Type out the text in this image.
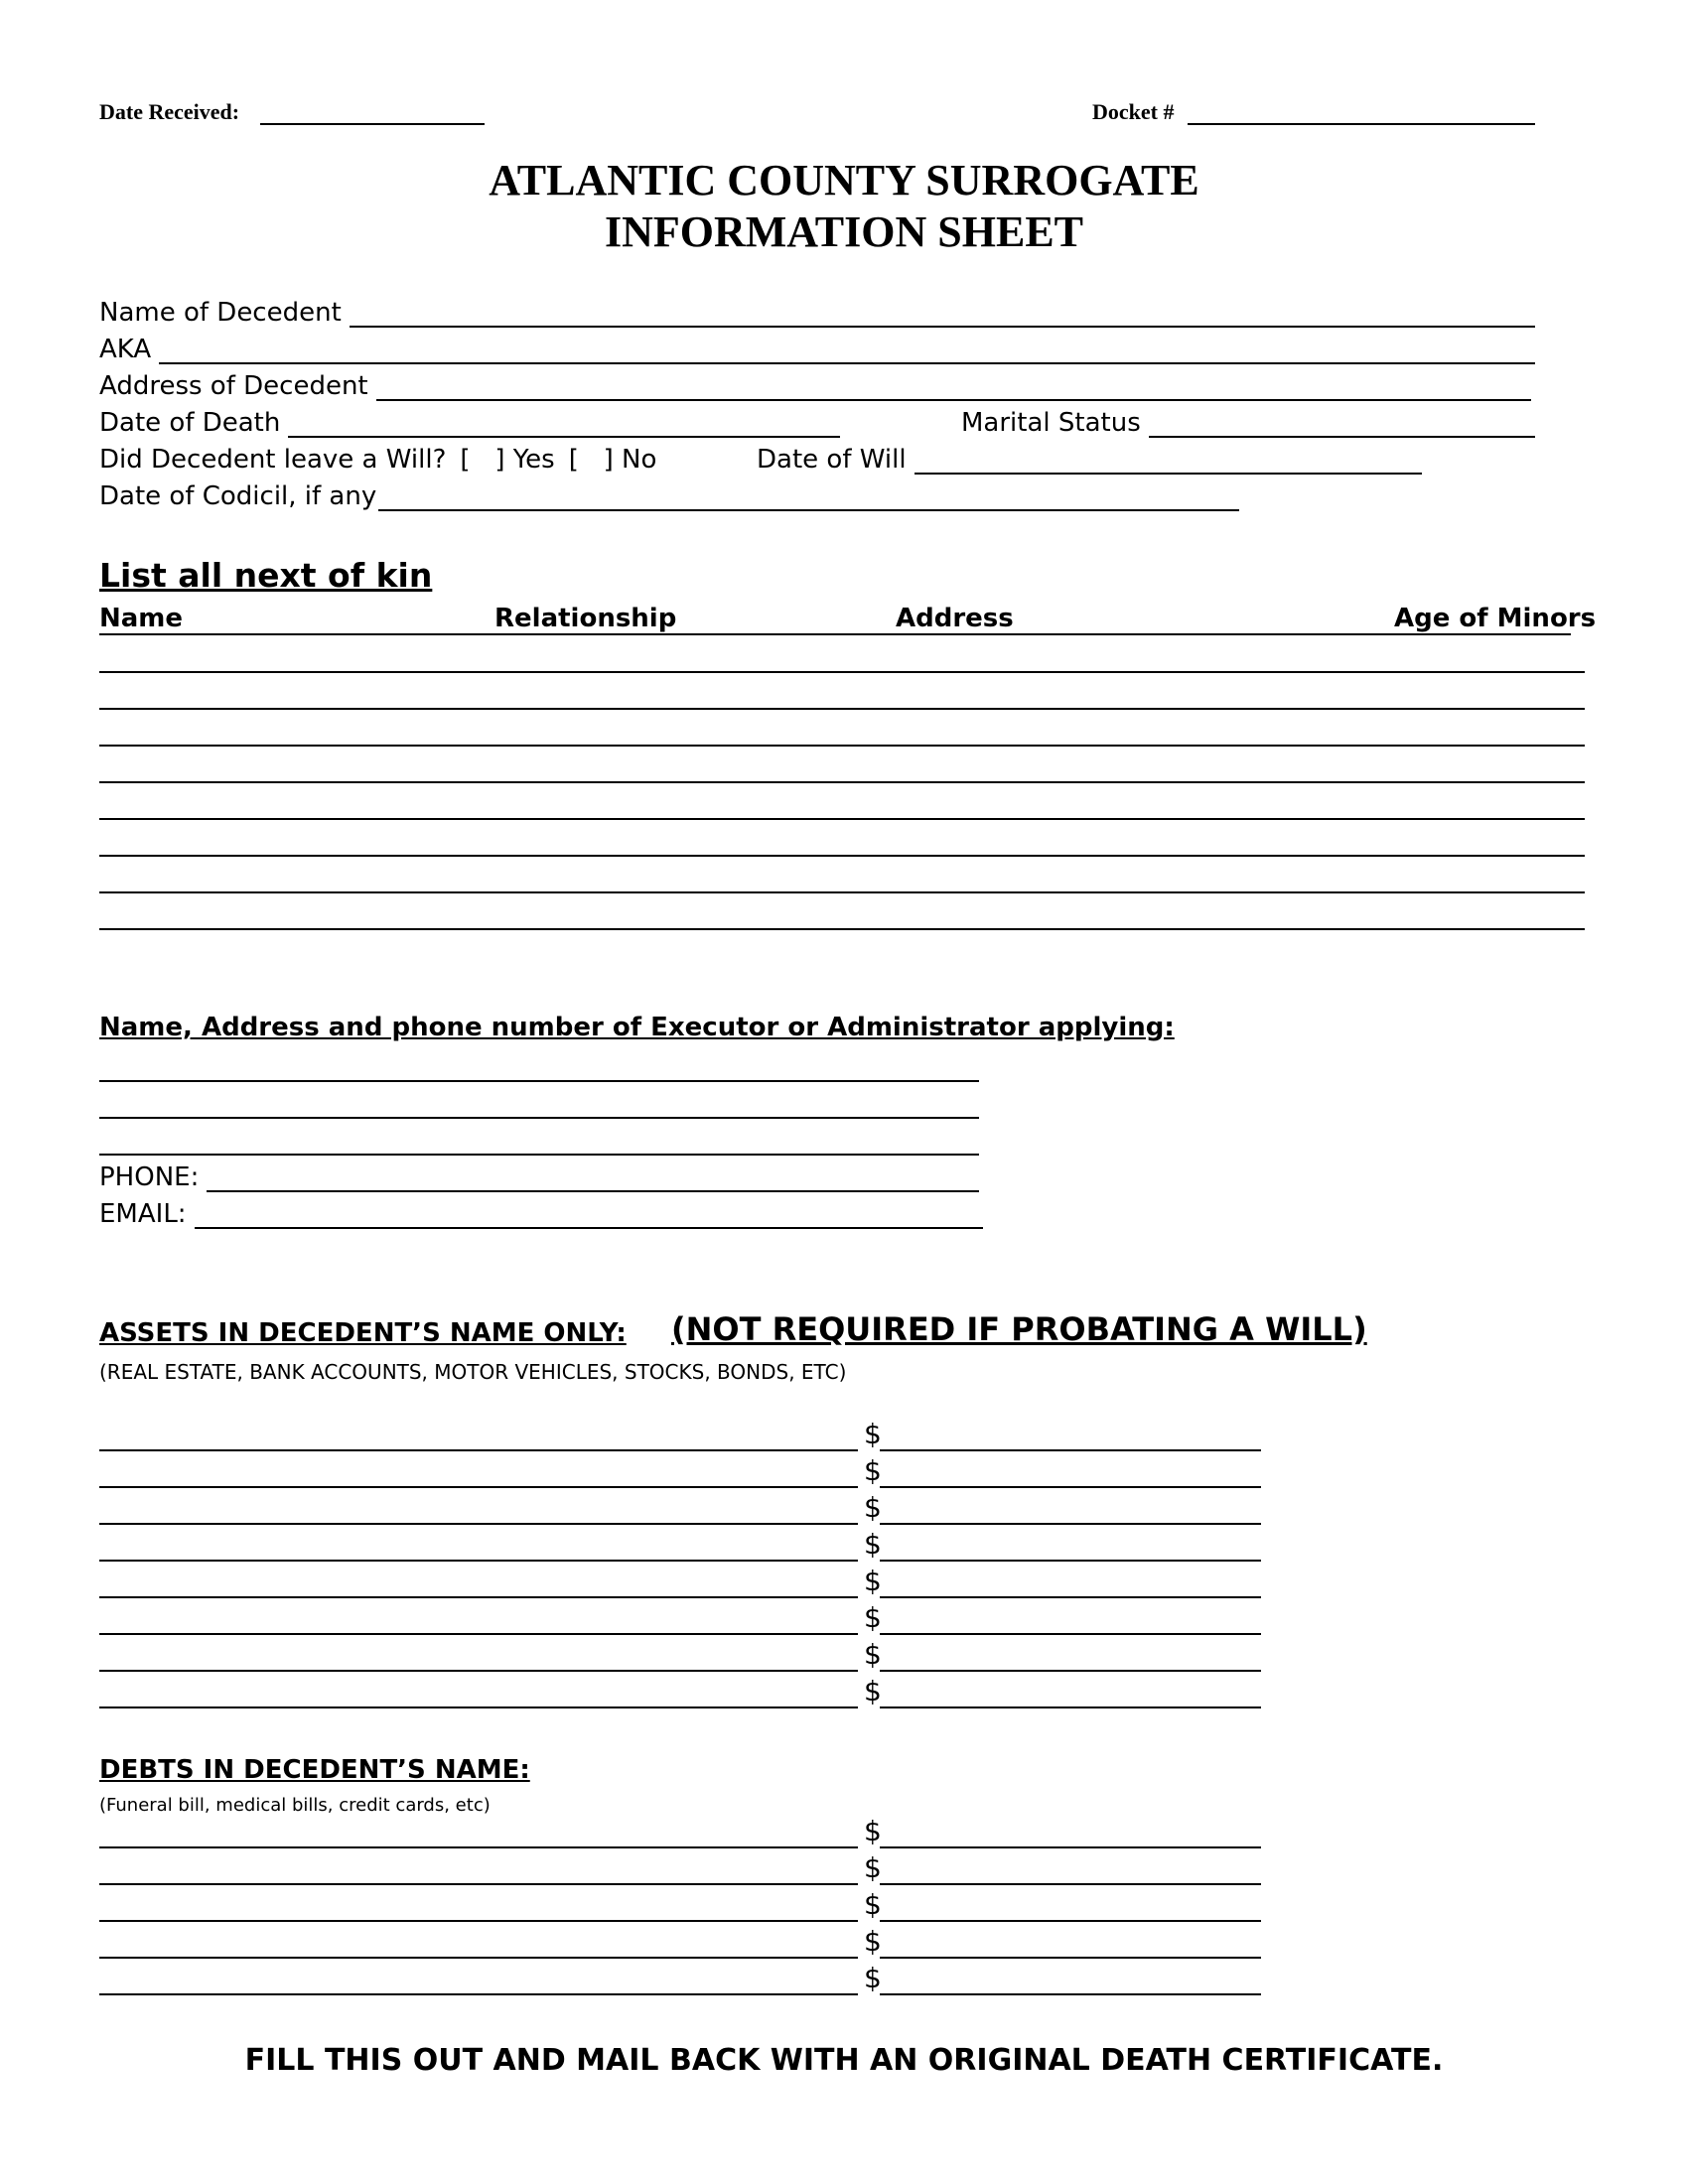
Date Received:	Docket #
ATLANTIC COUNTY SURROGATE
INFORMATION SHEET
Name of Decedent
AKA
Address of Decedent
Date of Death	Marital Status
Did Decedent leave a Will? [   ] Yes [   ] No	Date of Will
Date of Codicil, if any
List all next of kin
Name	Relationship	Address	Age of Minors
Name, Address and phone number of Executor or Administrator applying:
PHONE:
EMAIL:
ASSETS IN DECEDENT’S NAME ONLY: (NOT REQUIRED IF PROBATING A WILL)
(REAL ESTATE, BANK ACCOUNTS, MOTOR VEHICLES, STOCKS, BONDS, ETC)
$
$
$
$
$
$
$
$
DEBTS IN DECEDENT’S NAME:
(Funeral bill, medical bills, credit cards, etc)
$
$
$
$
$
FILL THIS OUT AND MAIL BACK WITH AN ORIGINAL DEATH CERTIFICATE.
